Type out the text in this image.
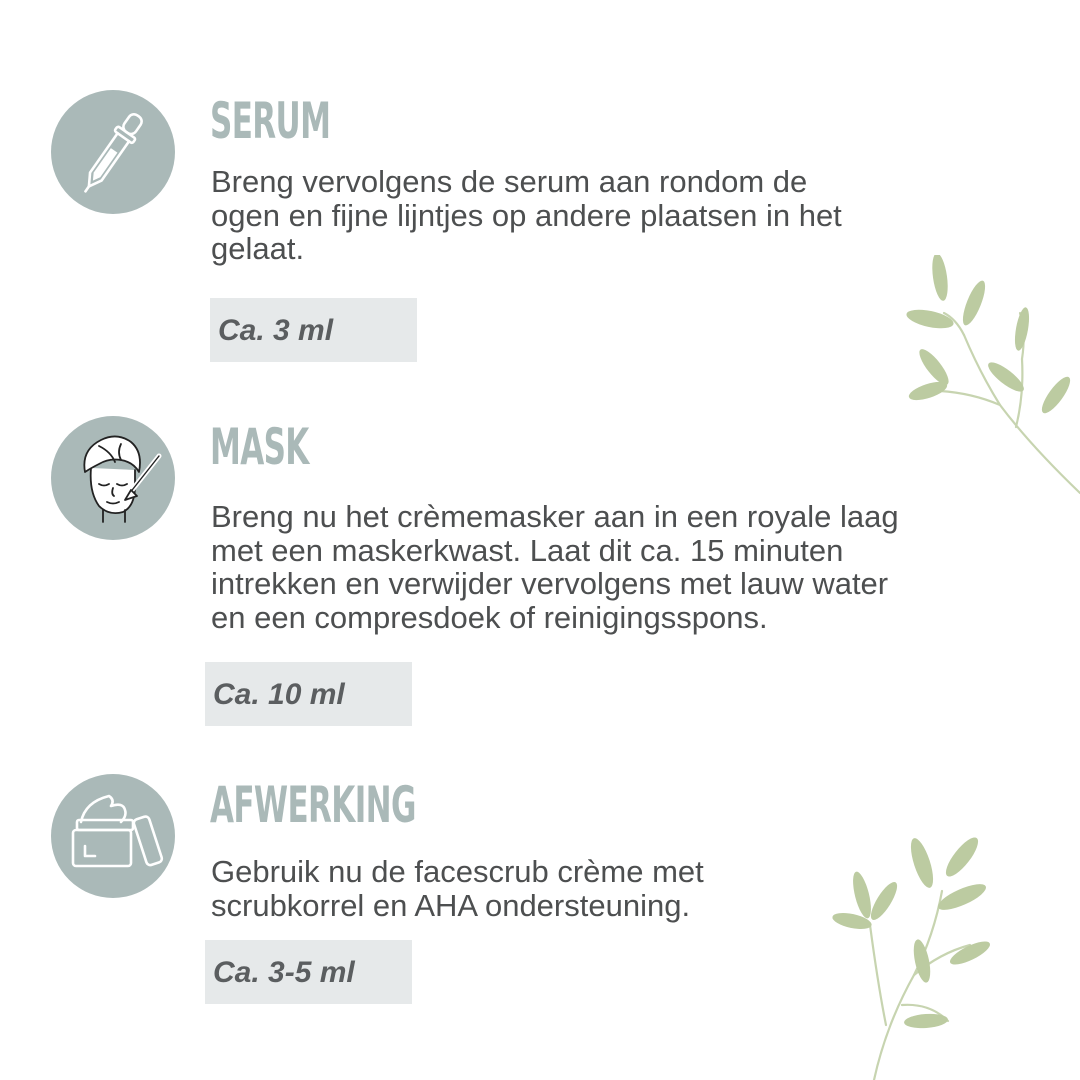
SERUM

Breng vervolgens de serum aan rondom de
ogen en fijne lijntjes op andere plaatsen in het
gelaat.

Ca. 3 ml
MASK

Breng nu het crèmemasker aan in een royale laag
met een maskerkwast. Laat dit ca. 15 minuten
intrekken en verwijder vervolgens met lauw water
en een compresdoek of reinigingsspons.

Ca. 10 ml
AFWERKING

Gebruik nu de facescrub crème met
scrubkorrel en AHA ondersteuning.

Ca. 3-5 ml
